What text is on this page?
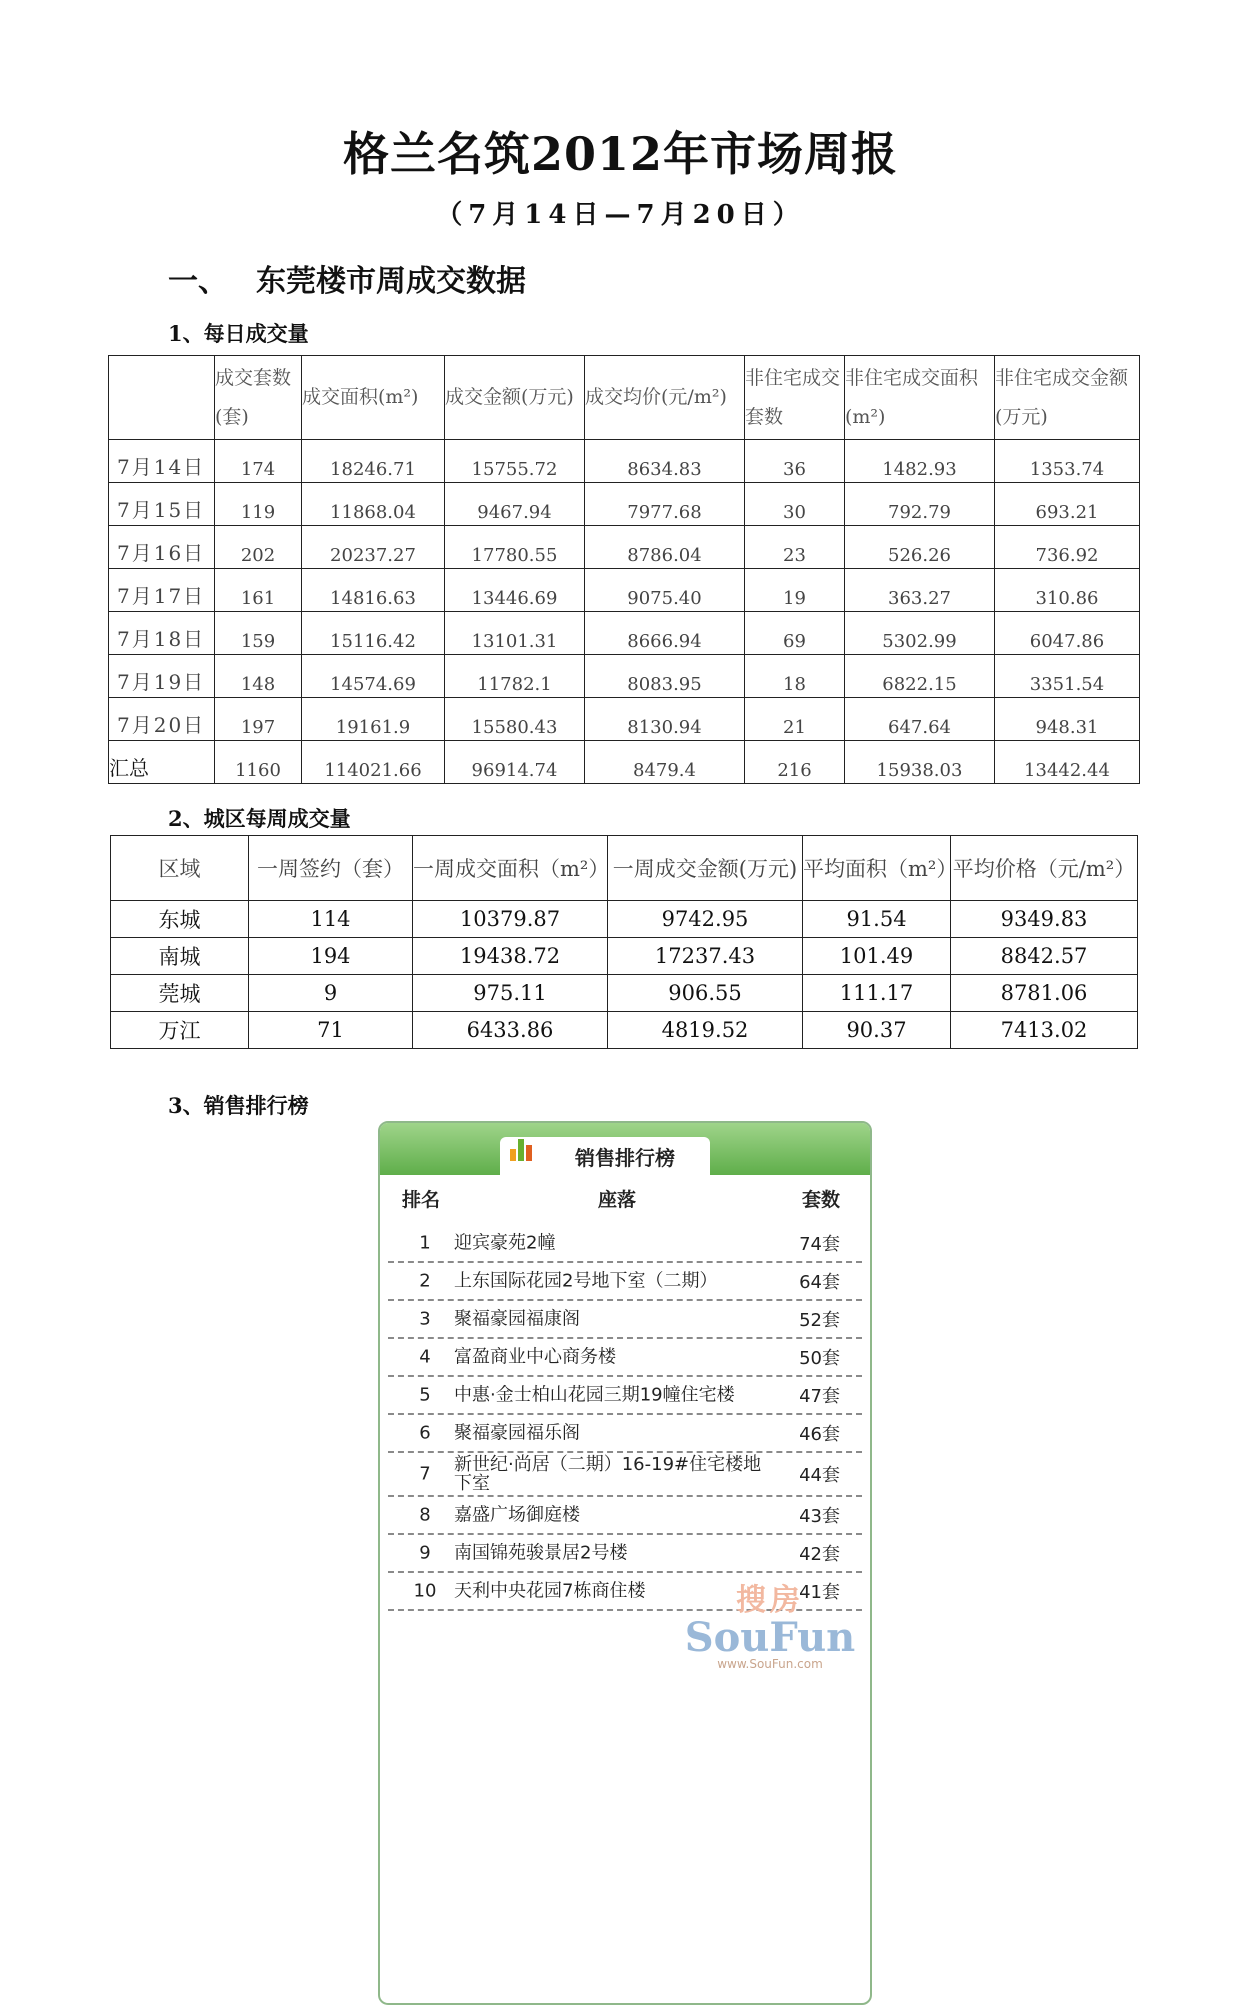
格兰名筑2012年市场周报
（7月14日—7月20日）
一、 东莞楼市周成交数据
1、每日成交量
	成交套数(套)	成交面积(m²)	成交金额(万元)	成交均价(元/m²)	非住宅成交套数	非住宅成交面积(m²)	非住宅成交金额(万元)
7月14日	174	18246.71	15755.72	8634.83	36	1482.93	1353.74
7月15日	119	11868.04	9467.94	7977.68	30	792.79	693.21
7月16日	202	20237.27	17780.55	8786.04	23	526.26	736.92
7月17日	161	14816.63	13446.69	9075.40	19	363.27	310.86
7月18日	159	15116.42	13101.31	8666.94	69	5302.99	6047.86
7月19日	148	14574.69	11782.1	8083.95	18	6822.15	3351.54
7月20日	197	19161.9	15580.43	8130.94	21	647.64	948.31
汇总	1160	114021.66	96914.74	8479.4	216	15938.03	13442.44
2、城区每周成交量
区域	一周签约（套）	一周成交面积（m²）	一周成交金额(万元)	平均面积（m²）	平均价格（元/m²）
东城	114	10379.87	9742.95	91.54	9349.83
南城	194	19438.72	17237.43	101.49	8842.57
莞城	9	975.11	906.55	111.17	8781.06
万江	71	6433.86	4819.52	90.37	7413.02
3、销售排行榜
销售排行榜
排名	座落	套数
1	迎宾豪苑2幢	74套
2	上东国际花园2号地下室（二期）	64套
3	聚福豪园福康阁	52套
4	富盈商业中心商务楼	50套
5	中惠·金士柏山花园三期19幢住宅楼	47套
6	聚福豪园福乐阁	46套
7	新世纪·尚居（二期）16-19#住宅楼地下室	44套
8	嘉盛广场御庭楼	43套
9	南国锦苑骏景居2号楼	42套
10 天利中央花园7栋商住楼	41套
搜房
SouFun
www.SouFun.com
